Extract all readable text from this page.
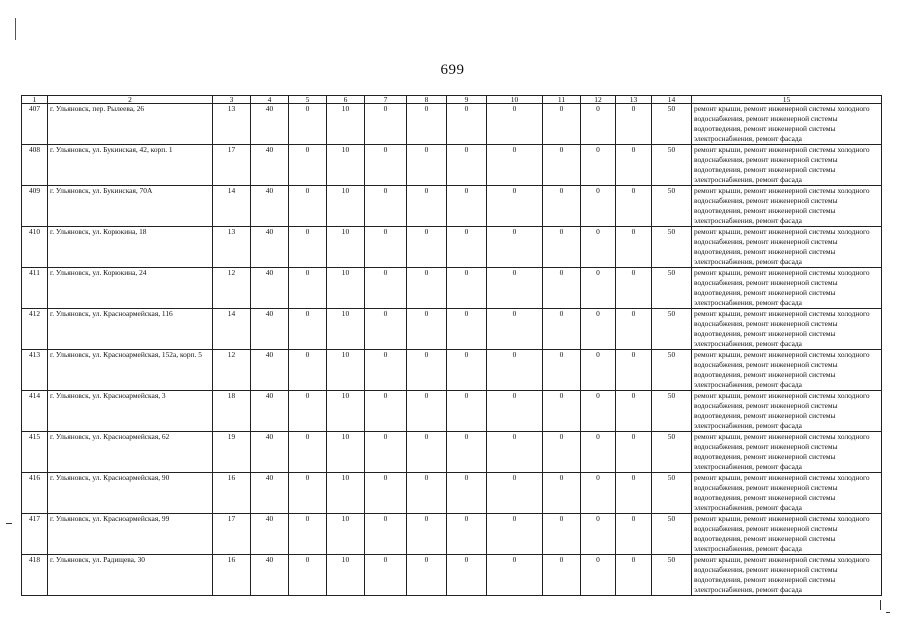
699
1	2	3	4	5	6	7	8	9	10	11	12	13	14	15
407	г. Ульяновск, пер. Рылеева, 26	13	40	0	10	0	0	0	0	0	0	0	50	ремонт крыши, ремонт инженерной системы холодного водоснабжения, ремонт инженерной системы водоотведения, ремонт инженерной системы электроснабжения, ремонт фасада
408	г. Ульяновск, ул. Букинская, 42, корп. 1	17	40	0	10	0	0	0	0	0	0	0	50	ремонт крыши, ремонт инженерной системы холодного водоснабжения, ремонт инженерной системы водоотведения, ремонт инженерной системы электроснабжения, ремонт фасада
409	г. Ульяновск, ул. Букинская, 70А	14	40	0	10	0	0	0	0	0	0	0	50	ремонт крыши, ремонт инженерной системы холодного водоснабжения, ремонт инженерной системы водоотведения, ремонт инженерной системы электроснабжения, ремонт фасада
410	г. Ульяновск, ул. Корюкина, 18	13	40	0	10	0	0	0	0	0	0	0	50	ремонт крыши, ремонт инженерной системы холодного водоснабжения, ремонт инженерной системы водоотведения, ремонт инженерной системы электроснабжения, ремонт фасада
411	г. Ульяновск, ул. Корюкина, 24	12	40	0	10	0	0	0	0	0	0	0	50	ремонт крыши, ремонт инженерной системы холодного водоснабжения, ремонт инженерной системы водоотведения, ремонт инженерной системы электроснабжения, ремонт фасада
412	г. Ульяновск, ул. Красноармейская, 116	14	40	0	10	0	0	0	0	0	0	0	50	ремонт крыши, ремонт инженерной системы холодного водоснабжения, ремонт инженерной системы водоотведения, ремонт инженерной системы электроснабжения, ремонт фасада
413	г. Ульяновск, ул. Красноармейская, 152а, корп. 5	12	40	0	10	0	0	0	0	0	0	0	50	ремонт крыши, ремонт инженерной системы холодного водоснабжения, ремонт инженерной системы водоотведения, ремонт инженерной системы электроснабжения, ремонт фасада
414	г. Ульяновск, ул. Красноармейская, 3	18	40	0	10	0	0	0	0	0	0	0	50	ремонт крыши, ремонт инженерной системы холодного водоснабжения, ремонт инженерной системы водоотведения, ремонт инженерной системы электроснабжения, ремонт фасада
415	г. Ульяновск, ул. Красноармейская, 62	19	40	0	10	0	0	0	0	0	0	0	50	ремонт крыши, ремонт инженерной системы холодного водоснабжения, ремонт инженерной системы водоотведения, ремонт инженерной системы электроснабжения, ремонт фасада
416	г. Ульяновск, ул. Красноармейская, 90	16	40	0	10	0	0	0	0	0	0	0	50	ремонт крыши, ремонт инженерной системы холодного водоснабжения, ремонт инженерной системы водоотведения, ремонт инженерной системы электроснабжения, ремонт фасада
417	г. Ульяновск, ул. Красноармейская, 99	17	40	0	10	0	0	0	0	0	0	0	50	ремонт крыши, ремонт инженерной системы холодного водоснабжения, ремонт инженерной системы водоотведения, ремонт инженерной системы электроснабжения, ремонт фасада
418	г. Ульяновск, ул. Радищева, 30	16	40	0	10	0	0	0	0	0	0	0	50	ремонт крыши, ремонт инженерной системы холодного водоснабжения, ремонт инженерной системы водоотведения, ремонт инженерной системы электроснабжения, ремонт фасада
